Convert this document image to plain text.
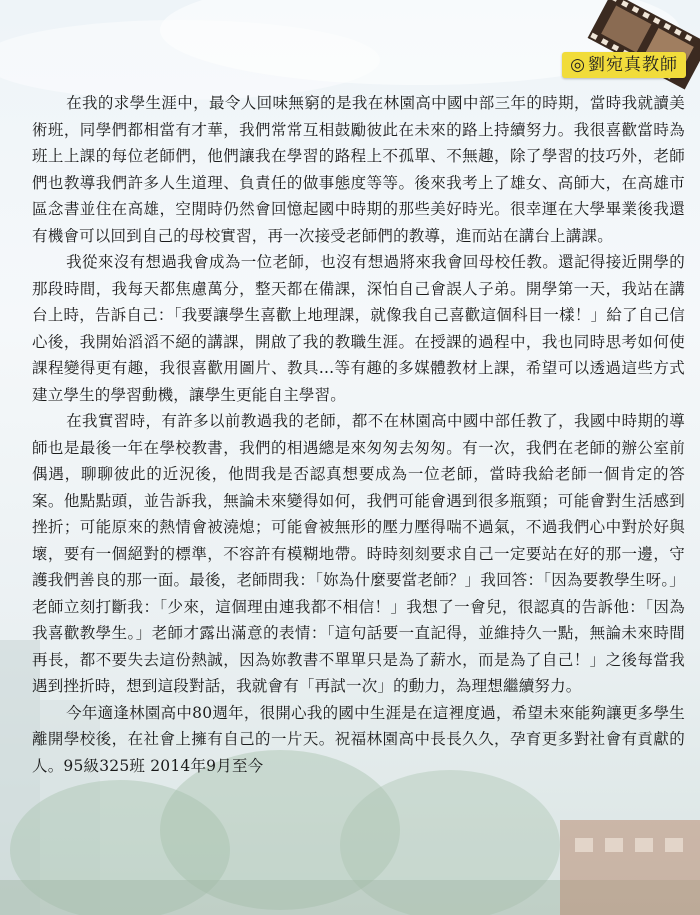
◎ 劉宛真教師

在我的求學生涯中，最令人回味無窮的是我在林園高中國中部三年的時期，當時我就讀美術班，同學們都相當有才華，我們常常互相鼓勵彼此在未來的路上持續努力。我很喜歡當時為班上上課的每位老師們，他們讓我在學習的路程上不孤單、不無趣，除了學習的技巧外，老師們也教導我們許多人生道理、負責任的做事態度等等。後來我考上了雄女、高師大，在高雄市區念書並住在高雄，空閒時仍然會回憶起國中時期的那些美好時光。很幸運在大學畢業後我還有機會可以回到自己的母校實習，再一次接受老師們的教導，進而站在講台上講課。

我從來沒有想過我會成為一位老師，也沒有想過將來我會回母校任教。還記得接近開學的那段時間，我每天都焦慮萬分，整天都在備課，深怕自己會誤人子弟。開學第一天，我站在講台上時，告訴自己：「我要讓學生喜歡上地理課，就像我自己喜歡這個科目一樣！」給了自己信心後，我開始滔滔不絕的講課，開啟了我的教職生涯。在授課的過程中，我也同時思考如何使課程變得更有趣，我很喜歡用圖片、教具...等有趣的多媒體教材上課，希望可以透過這些方式建立學生的學習動機，讓學生更能自主學習。

在我實習時，有許多以前教過我的老師，都不在林園高中國中部任教了，我國中時期的導師也是最後一年在學校教書，我們的相遇總是來匆匆去匆匆。有一次，我們在老師的辦公室前偶遇，聊聊彼此的近況後，他問我是否認真想要成為一位老師，當時我給老師一個肯定的答案。他點點頭，並告訴我，無論未來變得如何，我們可能會遇到很多瓶頸；可能會對生活感到挫折；可能原來的熱情會被澆熄；可能會被無形的壓力壓得喘不過氣，不過我們心中對於好與壞，要有一個絕對的標準，不容許有模糊地帶。時時刻刻要求自己一定要站在好的那一邊，守護我們善良的那一面。最後，老師問我：「妳為什麼要當老師？」我回答：「因為要教學生呀。」老師立刻打斷我：「少來，這個理由連我都不相信！」我想了一會兒，很認真的告訴他：「因為我喜歡教學生。」老師才露出滿意的表情：「這句話要一直記得，並維持久一點，無論未來時間再長，都不要失去這份熱誠，因為妳教書不單單只是為了薪水，而是為了自己！」之後每當我遇到挫折時，想到這段對話，我就會有「再試一次」的動力，為理想繼續努力。

今年適逢林園高中80週年，很開心我的國中生涯是在這裡度過，希望未來能夠讓更多學生離開學校後，在社會上擁有自己的一片天。祝福林園高中長長久久，孕育更多對社會有貢獻的人。95級325班 2014年9月至今
